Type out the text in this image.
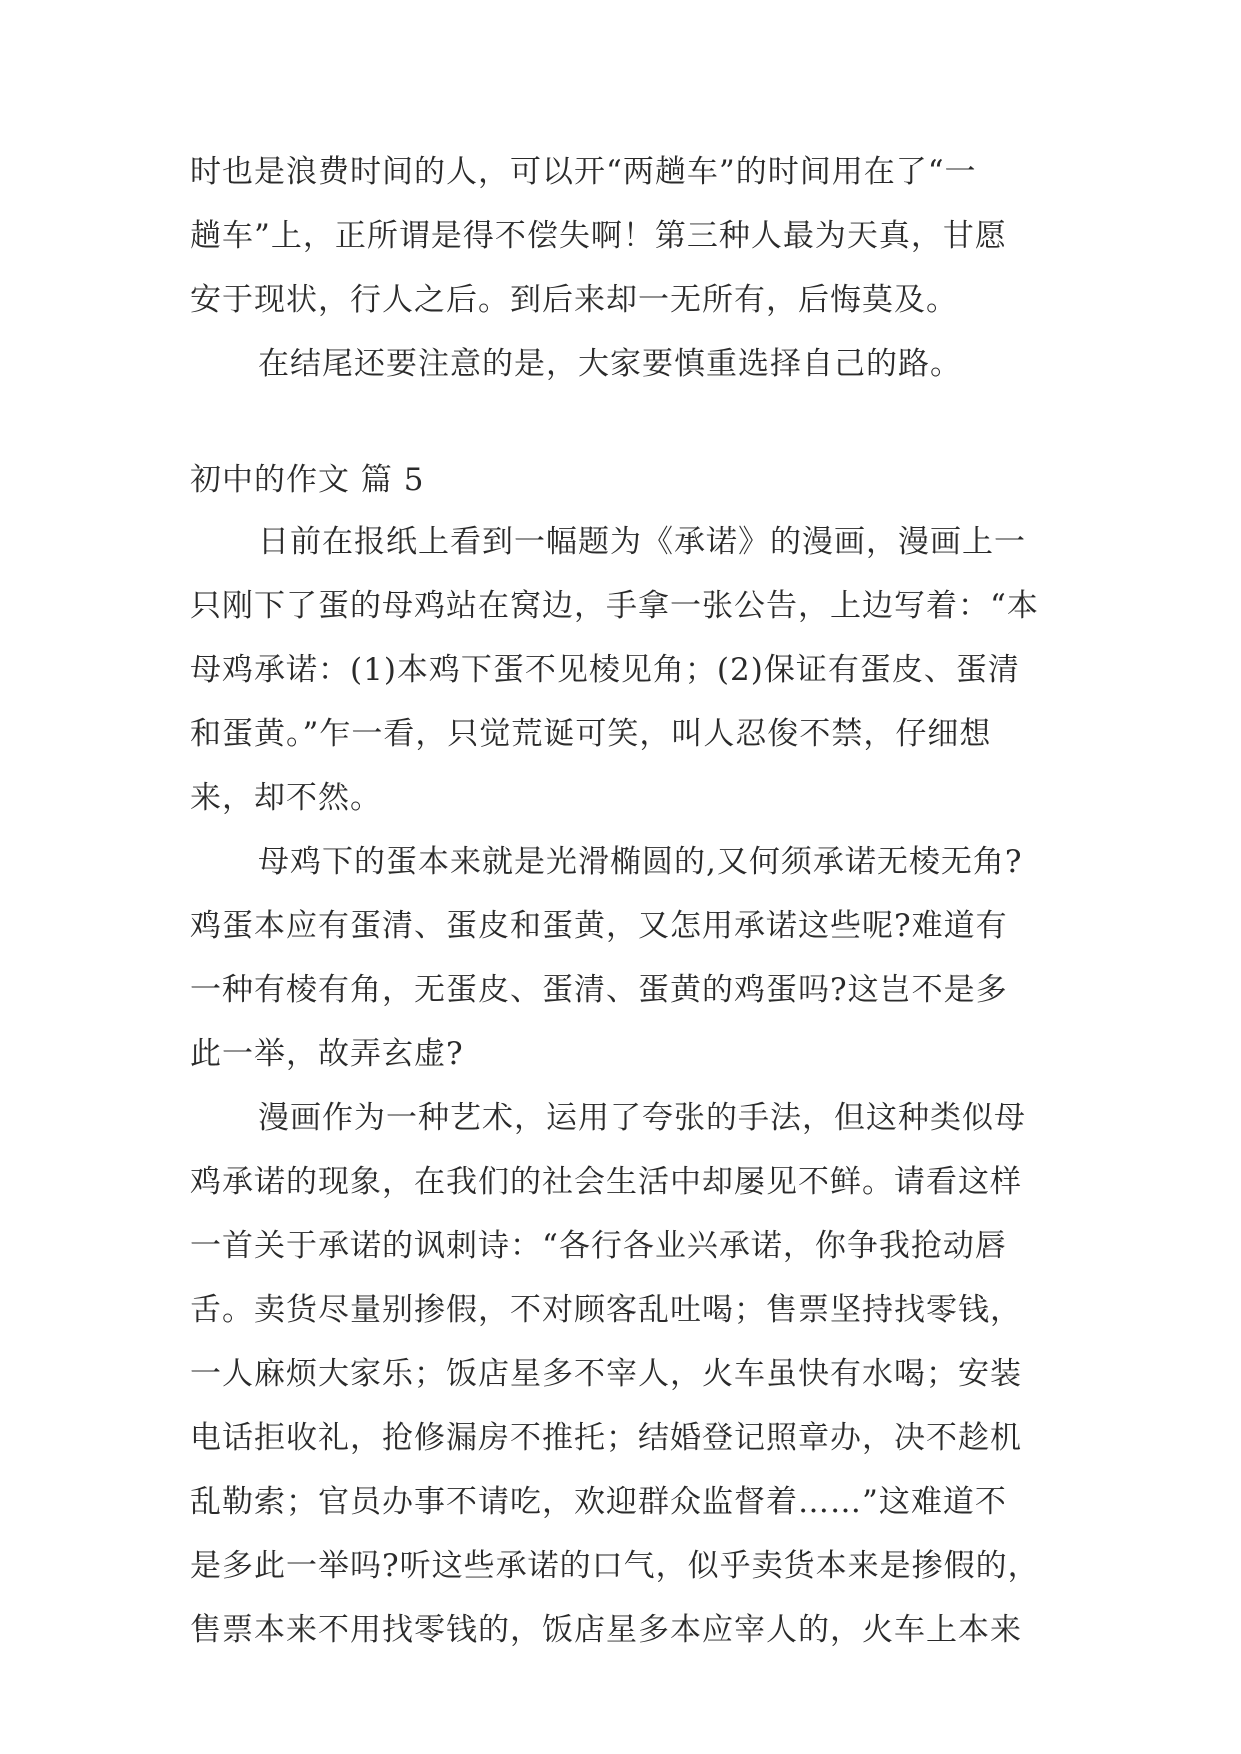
时也是浪费时间的人，可以开“两趟车”的时间用在了“一
趟车”上，正所谓是得不偿失啊！第三种人最为天真，甘愿
安于现状，行人之后。到后来却一无所有，后悔莫及。
在结尾还要注意的是，大家要慎重选择自己的路。
初中的作文 篇 5
日前在报纸上看到一幅题为《承诺》的漫画，漫画上一
只刚下了蛋的母鸡站在窝边，手拿一张公告，上边写着：“本
母鸡承诺：(1)本鸡下蛋不见棱见角；(2)保证有蛋皮、蛋清
和蛋黄。”乍一看，只觉荒诞可笑，叫人忍俊不禁，仔细想
来，却不然。
母鸡下的蛋本来就是光滑椭圆的,又何须承诺无棱无角?
鸡蛋本应有蛋清、蛋皮和蛋黄，又怎用承诺这些呢?难道有
一种有棱有角，无蛋皮、蛋清、蛋黄的鸡蛋吗?这岂不是多
此一举，故弄玄虚?
漫画作为一种艺术，运用了夸张的手法，但这种类似母
鸡承诺的现象，在我们的社会生活中却屡见不鲜。请看这样
一首关于承诺的讽刺诗：“各行各业兴承诺，你争我抢动唇
舌。卖货尽量别掺假，不对顾客乱吐喝；售票坚持找零钱，
一人麻烦大家乐；饭店星多不宰人，火车虽快有水喝；安装
电话拒收礼，抢修漏房不推托；结婚登记照章办，决不趁机
乱勒索；官员办事不请吃，欢迎群众监督着……”这难道不
是多此一举吗?听这些承诺的口气，似乎卖货本来是掺假的，
售票本来不用找零钱的，饭店星多本应宰人的，火车上本来
